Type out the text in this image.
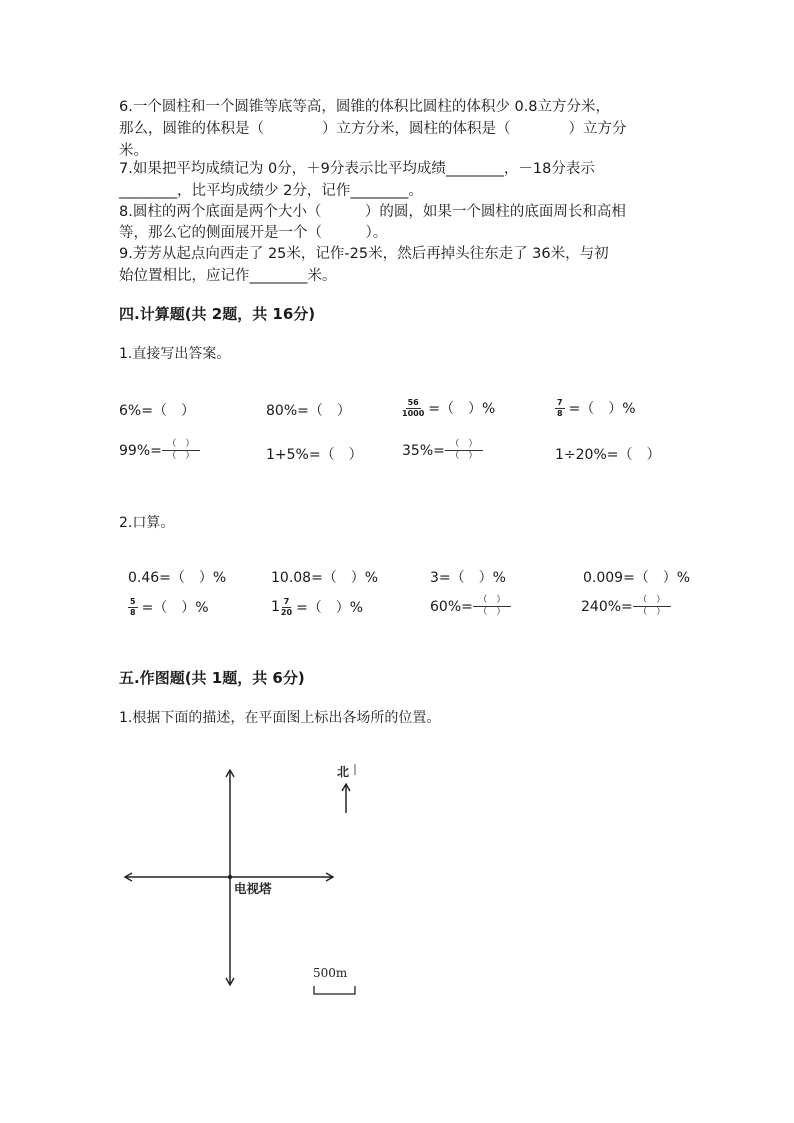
6.一个圆柱和一个圆锥等底等高，圆锥的体积比圆柱的体积少 0.8立方分米，
那么，圆锥的体积是（　　　　）立方分米，圆柱的体积是（　　　　）立方分
米。
7.如果把平均成绩记为 0分，＋9分表示比平均成绩________，－18分表示
________，比平均成绩少 2分，记作________。
8.圆柱的两个底面是两个大小（　　　）的圆，如果一个圆柱的底面周长和高相
等，那么它的侧面展开是一个（　　　）。
9.芳芳从起点向西走了 25米，记作-25米，然后再掉头往东走了 36米，与初
始位置相比，应记作________米。
四.计算题(共 2题，共 16分)
1.直接写出答案。
6%=（　）	80%=（　）	$\frac{56}{1000}$ =（　）%	$\frac{7}{8}$ =（　）%
$99\%= \frac{( )}{( )}$	1+5%=（　）	$35\%= \frac{( )}{( )}$	1÷20%=（　）
2.口算。
0.46=（　）%	10.08=（　）%	3=（　）%	0.009=（　）%
$\frac{5}{8}$ =（　）%	$1 \frac{7}{20}$ =（　）%	$60\%= \frac{( )}{( )}$	$240\%= \frac{( )}{( )}$
五.作图题(共 1题，共 6分)
1.根据下面的描述，在平面图上标出各场所的位置。
电视塔
北
500m
